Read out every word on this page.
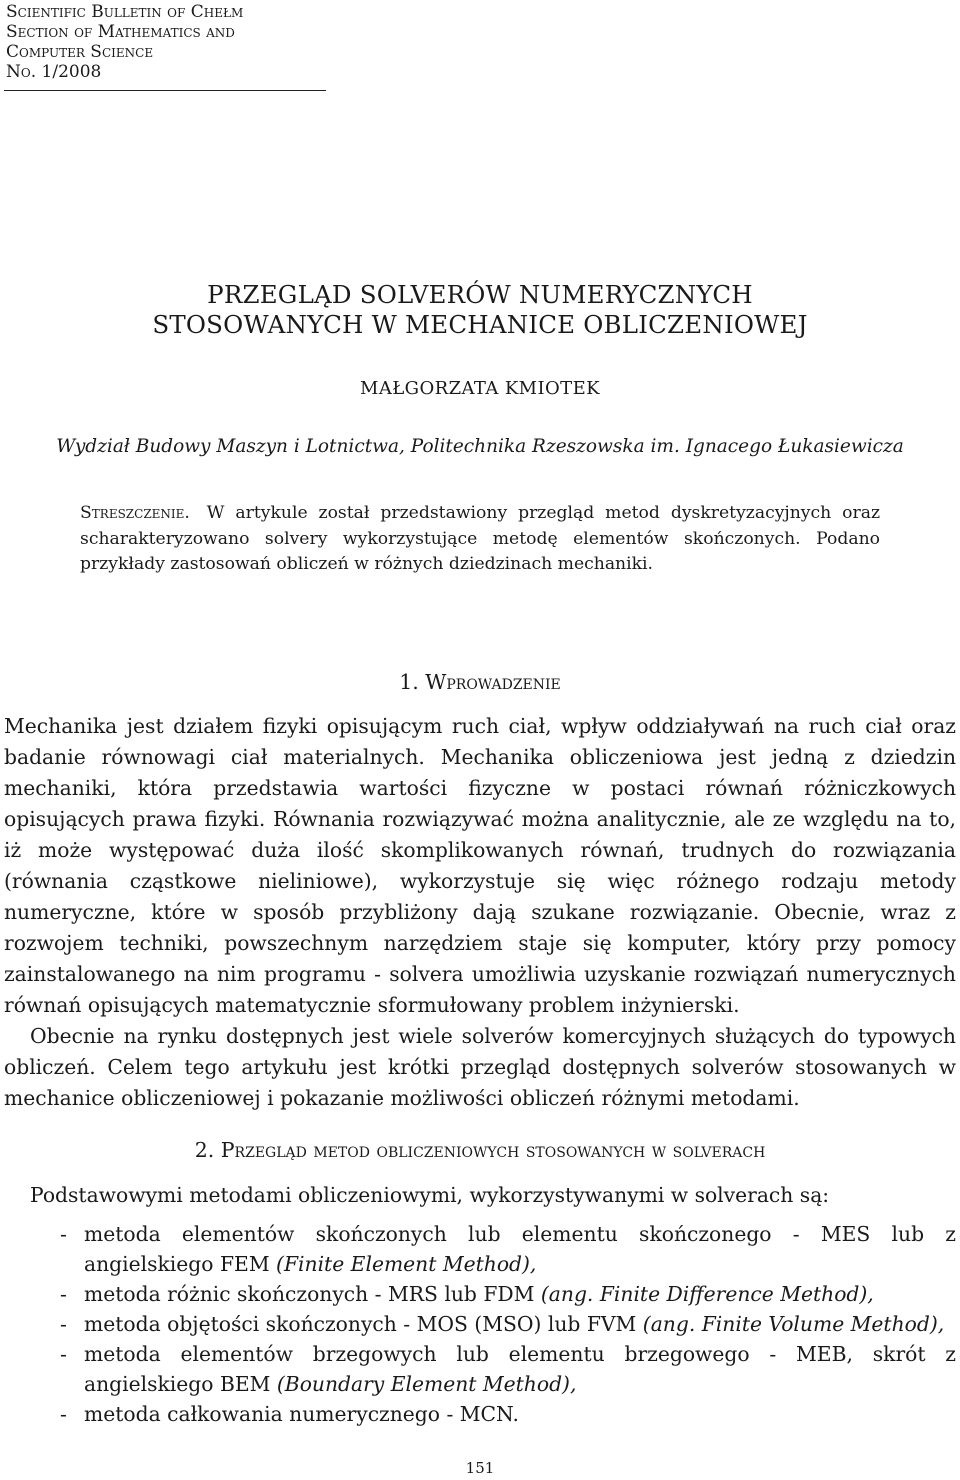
Scientific Bulletin of Chełm
Section of Mathematics and
Computer Science
No. 1/2008
PRZEGLĄD SOLVERÓW NUMERYCZNYCH
STOSOWANYCH W MECHANICE OBLICZENIOWEJ
MAŁGORZATA KMIOTEK
Wydział Budowy Maszyn i Lotnictwa, Politechnika Rzeszowska im. Ignacego Łukasiewicza
Streszczenie. W artykule został przedstawiony przegląd metod dyskretyzacyjnych oraz scharakteryzowano solvery wykorzystujące metodę elementów skończonych. Podano przykłady zastosowań obliczeń w różnych dziedzinach mechaniki.
1. Wprowadzenie

Mechanika jest działem fizyki opisującym ruch ciał, wpływ oddziaływań na ruch ciał oraz badanie równowagi ciał materialnych. Mechanika obliczeniowa jest jedną z dziedzin mechaniki, która przedstawia wartości fizyczne w postaci równań różniczkowych opisujących prawa fizyki. Równania rozwiązywać można analitycznie, ale ze względu na to, iż może występować duża ilość skomplikowanych równań, trudnych do rozwiązania (równania cząstkowe nieliniowe), wykorzystuje się więc różnego rodzaju metody numeryczne, które w sposób przybliżony dają szukane rozwiązanie. Obecnie, wraz z rozwojem techniki, powszechnym narzędziem staje się komputer, który przy pomocy zainstalowanego na nim programu - solvera umożliwia uzyskanie rozwiązań numerycznych równań opisujących matematycznie sformułowany problem inżynierski.

Obecnie na rynku dostępnych jest wiele solverów komercyjnych służących do typowych obliczeń. Celem tego artykułu jest krótki przegląd dostępnych solverów stosowanych w mechanice obliczeniowej i pokazanie możliwości obliczeń różnymi metodami.

2. Przegląd metod obliczeniowych stosowanych w solverach
Podstawowymi metodami obliczeniowymi, wykorzystywanymi w solverach są:
- metoda elementów skończonych lub elementu skończonego - MES lub z angielskiego FEM (Finite Element Method),
- metoda różnic skończonych - MRS lub FDM (ang. Finite Difference Method),
- metoda objętości skończonych - MOS (MSO) lub FVM (ang. Finite Volume Method),
- metoda elementów brzegowych lub elementu brzegowego - MEB, skrót z angielskiego BEM (Boundary Element Method),
- metoda całkowania numerycznego - MCN.
151
